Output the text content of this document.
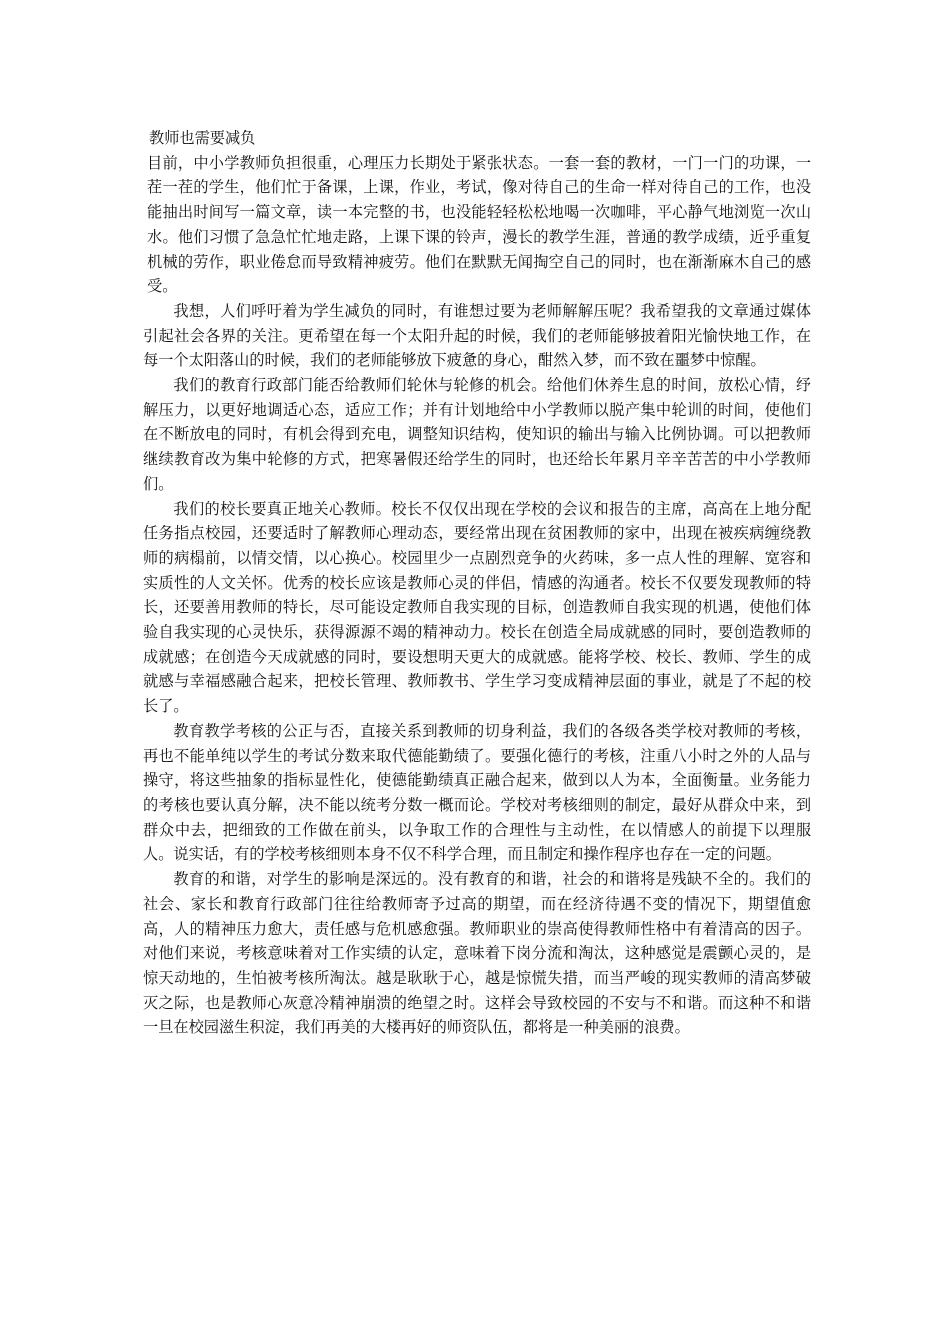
教师也需要减负

目前，中小学教师负担很重，心理压力长期处于紧张状态。一套一套的教材，一门一门的功课，一茬一茬的学生，他们忙于备课，上课，作业，考试，像对待自己的生命一样对待自己的工作，也没能抽出时间写一篇文章，读一本完整的书，也没能轻轻松松地喝一次咖啡，平心静气地浏览一次山水。他们习惯了急急忙忙地走路，上课下课的铃声，漫长的教学生涯，普通的教学成绩，近乎重复机械的劳作，职业倦怠而导致精神疲劳。他们在默默无闻掏空自己的同时，也在渐渐麻木自己的感受。

我想，人们呼吁着为学生减负的同时，有谁想过要为老师解解压呢？我希望我的文章通过媒体引起社会各界的关注。更希望在每一个太阳升起的时候，我们的老师能够披着阳光愉快地工作，在每一个太阳落山的时候，我们的老师能够放下疲惫的身心，酣然入梦，而不致在噩梦中惊醒。

我们的教育行政部门能否给教师们轮休与轮修的机会。给他们休养生息的时间，放松心情，纾解压力，以更好地调适心态，适应工作；并有计划地给中小学教师以脱产集中轮训的时间，使他们在不断放电的同时，有机会得到充电，调整知识结构，使知识的输出与输入比例协调。可以把教师继续教育改为集中轮修的方式，把寒暑假还给学生的同时，也还给长年累月辛辛苦苦的中小学教师们。

我们的校长要真正地关心教师。校长不仅仅出现在学校的会议和报告的主席，高高在上地分配任务指点校园，还要适时了解教师心理动态，要经常出现在贫困教师的家中，出现在被疾病缠绕教师的病榻前，以情交情，以心换心。校园里少一点剧烈竞争的火药味，多一点人性的理解、宽容和实质性的人文关怀。优秀的校长应该是教师心灵的伴侣，情感的沟通者。校长不仅要发现教师的特长，还要善用教师的特长，尽可能设定教师自我实现的目标，创造教师自我实现的机遇，使他们体验自我实现的心灵快乐，获得源源不竭的精神动力。校长在创造全局成就感的同时，要创造教师的成就感；在创造今天成就感的同时，要设想明天更大的成就感。能将学校、校长、教师、学生的成就感与幸福感融合起来，把校长管理、教师教书、学生学习变成精神层面的事业，就是了不起的校长了。

教育教学考核的公正与否，直接关系到教师的切身利益，我们的各级各类学校对教师的考核，再也不能单纯以学生的考试分数来取代德能勤绩了。要强化德行的考核，注重八小时之外的人品与操守，将这些抽象的指标显性化，使德能勤绩真正融合起来，做到以人为本，全面衡量。业务能力的考核也要认真分解，决不能以统考分数一概而论。学校对考核细则的制定，最好从群众中来，到群众中去，把细致的工作做在前头，以争取工作的合理性与主动性，在以情感人的前提下以理服人。说实话，有的学校考核细则本身不仅不科学合理，而且制定和操作程序也存在一定的问题。

教育的和谐，对学生的影响是深远的。没有教育的和谐，社会的和谐将是残缺不全的。我们的社会、家长和教育行政部门往往给教师寄予过高的期望，而在经济待遇不变的情况下，期望值愈高，人的精神压力愈大，责任感与危机感愈强。教师职业的崇高使得教师性格中有着清高的因子。对他们来说，考核意味着对工作实绩的认定，意味着下岗分流和淘汰，这种感觉是震颤心灵的，是惊天动地的，生怕被考核所淘汰。越是耿耿于心，越是惊慌失措，而当严峻的现实教师的清高梦破灭之际，也是教师心灰意冷精神崩溃的绝望之时。这样会导致校园的不安与不和谐。而这种不和谐一旦在校园滋生积淀，我们再美的大楼再好的师资队伍，都将是一种美丽的浪费。
